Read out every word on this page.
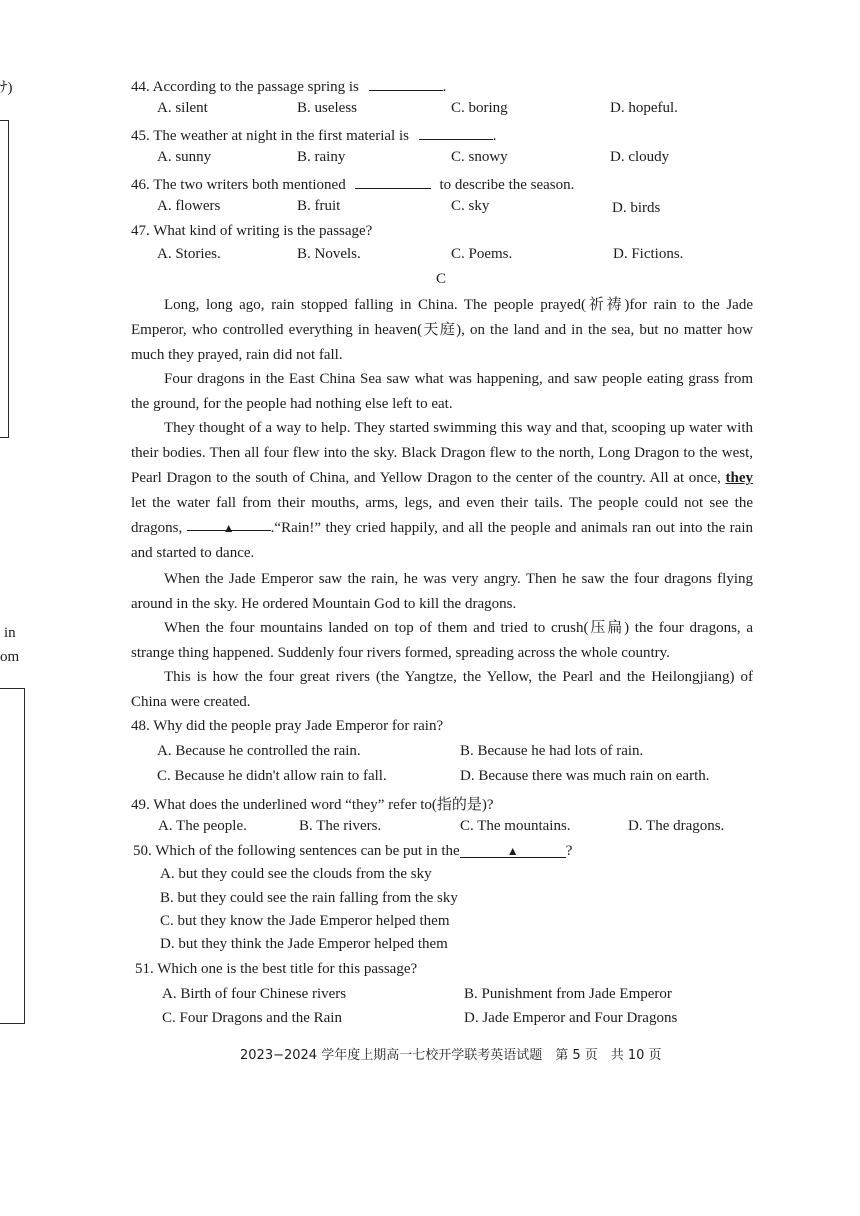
ﾅ)
in
om
44. According to the passage spring is	.
A. silent	B. useless	C. boring	D. hopeful.
45. The weather at night in the first material is	.
A. sunny	B. rainy	C. snowy	D. cloudy
46. The two writers both mentioned	to describe the season.
A. flowers	B. fruit	C. sky	D. birds
47. What kind of writing is the passage?
A. Stories.	B. Novels.	C. Poems.	D. Fictions.
C
Long, long ago, rain stopped falling in China. The people prayed(祈祷)for rain to the Jade Emperor, who controlled everything in heaven(天庭), on the land and in the sea, but no matter how much they prayed, rain did not fall.
Four dragons in the East China Sea saw what was happening, and saw people eating grass from the ground, for the people had nothing else left to eat.
They thought of a way to help. They started swimming this way and that, scooping up water with their bodies. Then all four flew into the sky. Black Dragon flew to the north, Long Dragon to the west, Pearl Dragon to the south of China, and Yellow Dragon to the center of the country. All at once, they let the water fall from their mouths, arms, legs, and even their tails. The people could not see the dragons,	▲ .“Rain!” they cried happily, and all the people and animals ran out into the rain and started to dance.
When the Jade Emperor saw the rain, he was very angry. Then he saw the four dragons flying around in the sky. He ordered Mountain God to kill the dragons.
When the four mountains landed on top of them and tried to crush(压扁) the four dragons, a strange thing happened. Suddenly four rivers formed, spreading across the whole country.
This is how the four great rivers (the Yangtze, the Yellow, the Pearl and the Heilongjiang) of China were created.
48. Why did the people pray Jade Emperor for rain?
A. Because he controlled the rain.	B. Because he had lots of rain.
C. Because he didn't allow rain to fall.	D. Because there was much rain on earth.
49. What does the underlined word “they” refer to(指的是)?
A. The people.	B. The rivers.	C. The mountains.	D. The dragons.
50. Which of the following sentences can be put in the	▲	?
A. but they could see the clouds from the sky
B. but they could see the rain falling from the sky
C. but they know the Jade Emperor helped them
D. but they think the Jade Emperor helped them
51. Which one is the best title for this passage?
A. Birth of four Chinese rivers	B. Punishment from Jade Emperor
C. Four Dragons and the Rain	D. Jade Emperor and Four Dragons
2023−2024 学年度上期高一七校开学联考英语试题　第 5 页　共 10 页
